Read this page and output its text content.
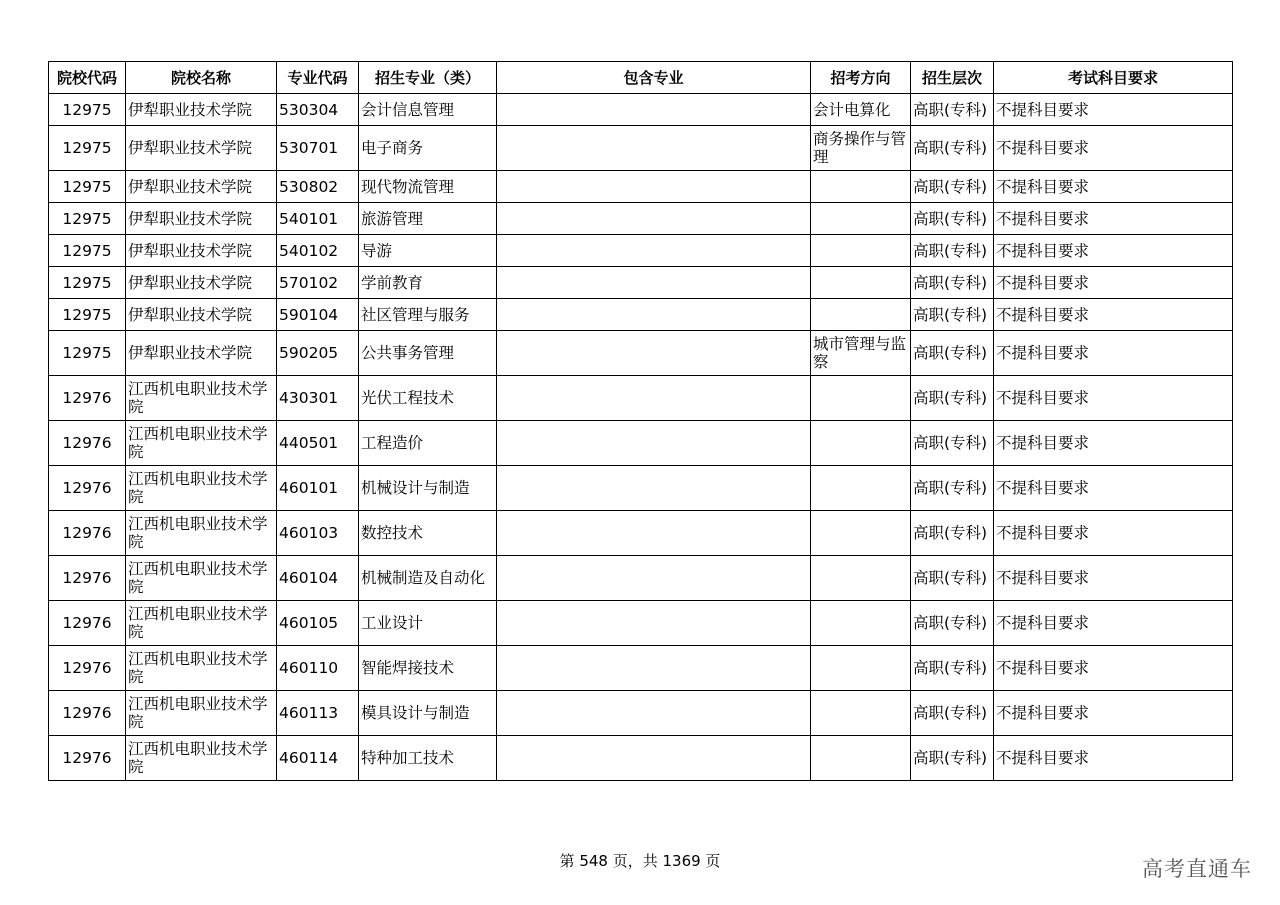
院校代码	院校名称	专业代码	招生专业（类）	包含专业	招考方向	招生层次	考试科目要求
12975	伊犁职业技术学院	530304	会计信息管理		会计电算化	高职(专科)	不提科目要求
12975	伊犁职业技术学院	530701	电子商务		商务操作与管理	高职(专科)	不提科目要求
12975	伊犁职业技术学院	530802	现代物流管理			高职(专科)	不提科目要求
12975	伊犁职业技术学院	540101	旅游管理			高职(专科)	不提科目要求
12975	伊犁职业技术学院	540102	导游			高职(专科)	不提科目要求
12975	伊犁职业技术学院	570102	学前教育			高职(专科)	不提科目要求
12975	伊犁职业技术学院	590104	社区管理与服务			高职(专科)	不提科目要求
12975	伊犁职业技术学院	590205	公共事务管理		城市管理与监察	高职(专科)	不提科目要求
12976	江西机电职业技术学院	430301	光伏工程技术			高职(专科)	不提科目要求
12976	江西机电职业技术学院	440501	工程造价			高职(专科)	不提科目要求
12976	江西机电职业技术学院	460101	机械设计与制造			高职(专科)	不提科目要求
12976	江西机电职业技术学院	460103	数控技术			高职(专科)	不提科目要求
12976	江西机电职业技术学院	460104	机械制造及自动化			高职(专科)	不提科目要求
12976	江西机电职业技术学院	460105	工业设计			高职(专科)	不提科目要求
12976	江西机电职业技术学院	460110	智能焊接技术			高职(专科)	不提科目要求
12976	江西机电职业技术学院	460113	模具设计与制造			高职(专科)	不提科目要求
12976	江西机电职业技术学院	460114	特种加工技术			高职(专科)	不提科目要求
第 548 页，共 1369 页	高考直通车
